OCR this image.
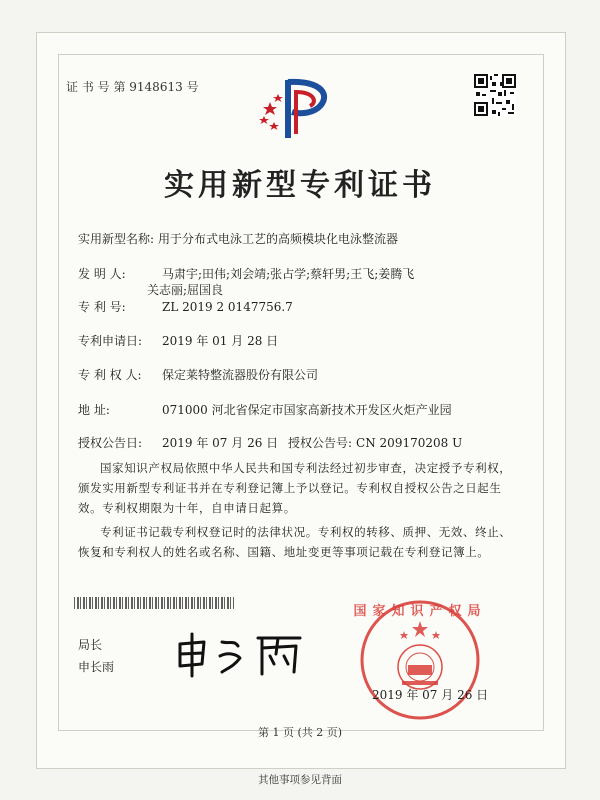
证 书 号 第 9148613 号
实用新型专利证书
实用新型名称: 用于分布式电泳工艺的高频模块化电泳整流器
发 明 人:	马肃宇;田伟;刘会靖;张占学;蔡轩男;王飞;姜腾飞
关志丽;屈国良
专 利 号:	ZL 2019 2 0147756.7
专利申请日: 2019 年 01 月 28 日
专 利 权 人: 保定莱特整流器股份有限公司
地 址:	071000 河北省保定市国家高新技术开发区火炬产业园
授权公告日: 2019 年 07 月 26 日 授权公告号: CN 209170208 U
国家知识产权局依照中华人民共和国专利法经过初步审查，决定授予专利权，颁发实用新型专利证书并在专利登记簿上予以登记。专利权自授权公告之日起生效。专利权期限为十年，自申请日起算。
专利证书记载专利权登记时的法律状况。专利权的转移、质押、无效、终止、恢复和专利权人的姓名或名称、国籍、地址变更等事项记载在专利登记簿上。
局长
申长雨
国家知识产权局
2019 年 07 月 26 日
第 1 页 (共 2 页)
其他事项参见背面
